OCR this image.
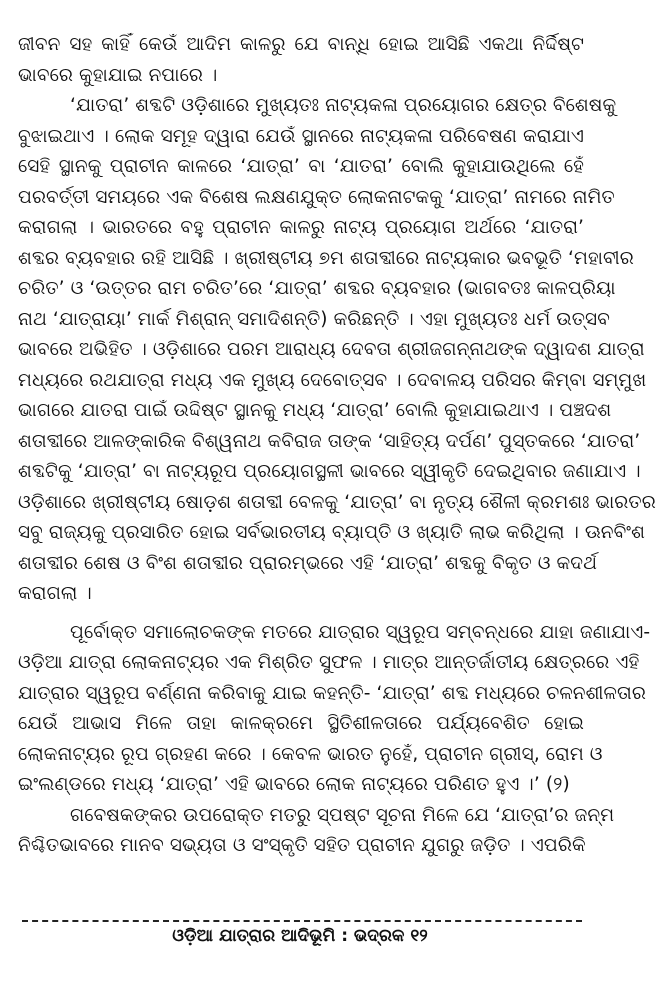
ଜୀବନ ସହ କାହିଁ କେଉଁ ଆଦିମ କାଳରୁ ଯେ ବାନ୍ଧି ହୋଇ ଆସିଛି ଏକଥା ନିର୍ଦ୍ଦିଷ୍ଟ
ଭାବରେ କୁହାଯାଇ ନପାରେ ।
‘ଯାତରା’ ଶବ୍ଦଟି ଓଡ଼ିଶାରେ ମୁଖ୍ୟତଃ ନାଟ୍ୟକଳା ପ୍ରୟୋଗର କ୍ଷେତ୍ର ବିଶେଷକୁ
ବୁଝାଇଥାଏ । ଲୋକ ସମୂହ ଦ୍ୱାରା ଯେଉଁ ସ୍ଥାନରେ ନାଟ୍ୟକଳା ପରିବେଷଣ କରାଯାଏ
ସେହି ସ୍ଥାନକୁ ପ୍ରାଚୀନ କାଳରେ ‘ଯାତ୍ରା’ ବା ‘ଯାତରା’ ବୋଲି କୁହାଯାଉଥିଲେ ହେଁ
ପରବର୍ତ୍ତୀ ସମୟରେ ଏକ ବିଶେଷ ଲକ୍ଷଣଯୁକ୍ତ ଲୋକନାଟକକୁ ‘ଯାତ୍ରା’ ନାମରେ ନାମିତ
କରାଗଲା । ଭାରତରେ ବହୁ ପ୍ରାଚୀନ କାଳରୁ ନାଟ୍ୟ ପ୍ରୟୋଗ ଅର୍ଥରେ ‘ଯାତରା’
ଶବ୍ଦର ବ୍ୟବହାର ରହି ଆସିଛି । ଖ୍ରୀଷ୍ଟୀୟ ୭ମ ଶତାବ୍ଦୀରେ ନାଟ୍ୟକାର ଭବଭୂତି ‘ମହାବୀର
ଚରିତ’ ଓ ‘ଉତ୍ତର ରାମ ଚରିତ’ରେ ‘ଯାତ୍ରା’ ଶବ୍ଦର ବ୍ୟବହାର (ଭାଗବତଃ କାଳପ୍ରିୟା
ନାଥ ‘ଯାତ୍ରାୟା’ ମାର୍କ ମିଶ୍ରାନ୍ ସମାଦିଶନ୍ତି) କରିଛନ୍ତି । ଏହା ମୁଖ୍ୟତଃ ଧର୍ମ ଉତ୍ସବ
ଭାବରେ ଅଭିହିତ । ଓଡ଼ିଶାରେ ପରମ ଆରାଧ୍ୟ ଦେବତା ଶ୍ରୀଜଗନ୍ନାଥଙ୍କ ଦ୍ୱାଦଶ ଯାତ୍ରା
ମଧ୍ୟରେ ରଥଯାତ୍ରା ମଧ୍ୟ ଏକ ମୁଖ୍ୟ ଦେବୋତ୍ସବ । ଦେବାଳୟ ପରିସର କିମ୍ବା ସମ୍ମୁଖ
ଭାଗରେ ଯାତରା ପାଇଁ ଉଦ୍ଦିଷ୍ଟ ସ୍ଥାନକୁ ମଧ୍ୟ ‘ଯାତ୍ରା’ ବୋଲି କୁହାଯାଇଥାଏ । ପଞ୍ଚଦଶ
ଶତାବ୍ଦୀରେ ଆଳଙ୍କାରିକ ବିଶ୍ୱନାଥ କବିରାଜ ତାଙ୍କ ‘ସାହିତ୍ୟ ଦର୍ପଣ’ ପୁସ୍ତକରେ ‘ଯାତରା’
ଶବ୍ଦଟିକୁ ‘ଯାତ୍ରା’ ବା ନାଟ୍ୟରୂପ ପ୍ରୟୋଗସ୍ଥଳୀ ଭାବରେ ସ୍ୱୀକୃତି ଦେଇଥିବାର ଜଣାଯାଏ ।
ଓଡ଼ିଶାରେ ଖ୍ରୀଷ୍ଟୀୟ ଷୋଡ଼ଶ ଶତାବ୍ଦୀ ବେଳକୁ ‘ଯାତ୍ରା’ ବା ନୃତ୍ୟ ଶୈଳୀ କ୍ରମଶଃ ଭାରତର
ସବୁ ରାଜ୍ୟକୁ ପ୍ରସାରିତ ହୋଇ ସର୍ବଭାରତୀୟ ବ୍ୟାପ୍ତି ଓ ଖ୍ୟାତି ଲାଭ କରିଥିଲା । ଊନବିଂଶ
ଶତାବ୍ଦୀର ଶେଷ ଓ ବିଂଶ ଶତାବ୍ଦୀର ପ୍ରାରମ୍ଭରେ ଏହି ‘ଯାତ୍ରା’ ଶବ୍ଦକୁ ବିକୃତ ଓ କଦର୍ଥ
କରାଗଲା ।
ପୂର୍ବୋକ୍ତ ସମାଲୋଚକଙ୍କ ମତରେ ଯାତ୍ରାର ସ୍ୱରୂପ ସମ୍ବନ୍ଧରେ ଯାହା ଜଣାଯାଏ-
ଓଡ଼ିଆ ଯାତ୍ରା ଲୋକନାଟ୍ୟର ଏକ ମିଶ୍ରିତ ସୁଫଳ । ମାତ୍ର ଆନ୍ତର୍ଜାତୀୟ କ୍ଷେତ୍ରରେ ଏହି
ଯାତ୍ରାର ସ୍ୱରୂପ ବର୍ଣ୍ଣନା କରିବାକୁ ଯାଇ କହନ୍ତି- ‘ଯାତ୍ରା’ ଶବ୍ଦ ମଧ୍ୟରେ ଚଳନଶୀଳତାର
ଯେଉଁ ଆଭାସ ମିଳେ ତାହା କାଳକ୍ରମେ ସ୍ଥିତିଶୀଳତାରେ ପର୍ଯ୍ୟବେଶିତ ହୋଇ
ଲୋକନାଟ୍ୟର ରୂପ ଗ୍ରହଣ କରେ । କେବଳ ଭାରତ ନୁହେଁ, ପ୍ରାଚୀନ ଗ୍ରୀସ୍, ରୋମ ଓ
ଇଂଲଣ୍ଡରେ ମଧ୍ୟ ‘ଯାତ୍ରା’ ଏହି ଭାବରେ ଲୋକ ନାଟ୍ୟରେ ପରିଣତ ହୁଏ ।’ (୨)
ଗବେଷକଙ୍କର ଉପରୋକ୍ତ ମତରୁ ସ୍ପଷ୍ଟ ସୂଚନା ମିଳେ ଯେ ‘ଯାତ୍ରା’ର ଜନ୍ମ
ନିଶ୍ଚିତଭାବରେ ମାନବ ସଭ୍ୟତା ଓ ସଂସ୍କୃତି ସହିତ ପ୍ରାଚୀନ ଯୁଗରୁ ଜଡ଼ିତ । ଏପରିକି
ଓଡ଼ିଆ ଯାତ୍ରାର ଆଦିଭୂମି : ଭଦ୍ରକ ୧୨
